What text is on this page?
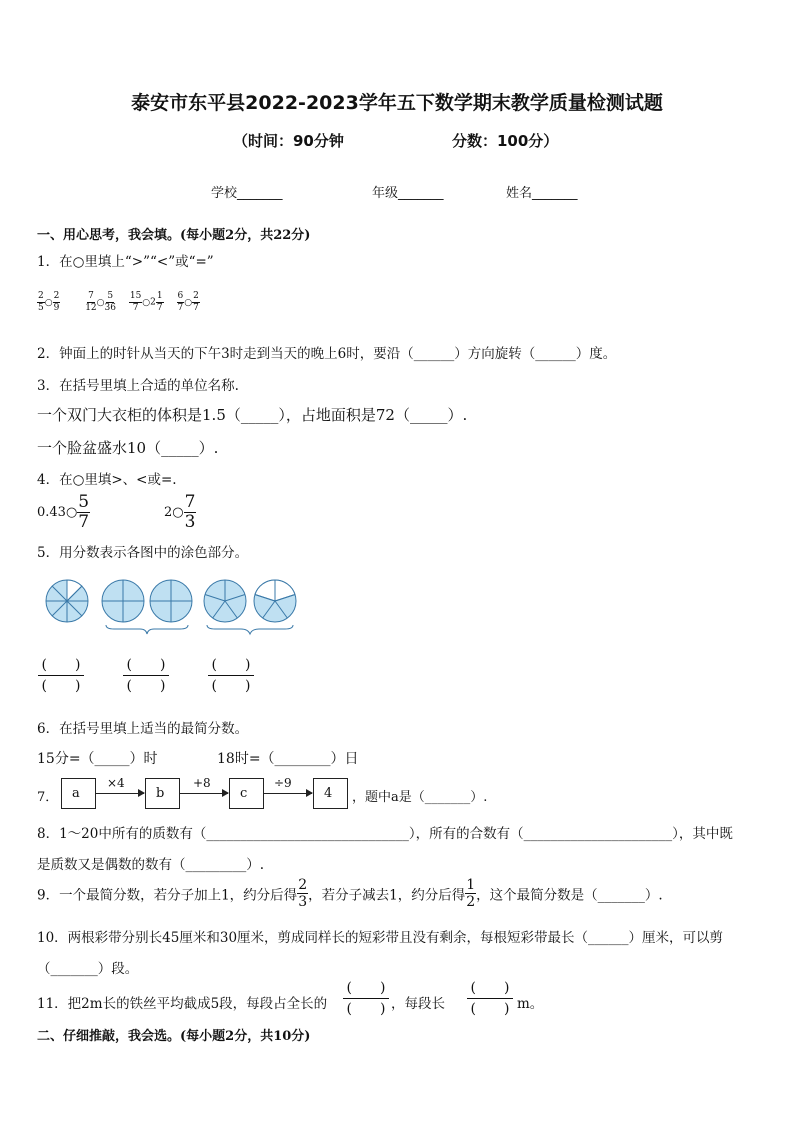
泰安市东平县2022-2023学年五下数学期末教学质量检测试题
（时间：90分钟	分数：100分）
学校_______	年级_______	姓名_______
一、用心思考，我会填。(每小题2分，共22分)
1．在○里填上“>”“<”或“=”
$\frac{2}{5}$ ○ $\frac{2}{9}$
	$\frac{7}{12}$ ○ $\frac{5}{36}$
$\frac{15}{7}$ ○2 $\frac{1}{7}$
$\frac{6}{7}$ ○ $\frac{2}{7}$
2．钟面上的时针从当天的下午3时走到当天的晚上6时，要沿（______）方向旋转（______）度。
3．在括号里填上合适的单位名称.
一个双门大衣柜的体积是1.5（_____），占地面积是72（_____）.
一个脸盆盛水10（_____）.
4．在○里填>、<或=.
0.43○ $\frac{5}{7}$	2○ $\frac{7}{3}$
5．用分数表示各图中的涂色部分。
(　　)
(　　)
(　　)
(　　)
(　　)
(　　)
6．在括号里填上适当的最简分数。
15分=（_____）时	18时=（________）日
7．	a
×4
b
+8
c
÷9
4	，题中a是（_______）.
8．1～20中所有的质数有（______________________________），所有的合数有（______________________），其中既
是质数又是偶数的数有（_________）.
9．一个最简分数，若分子加上1，约分后得 $\frac{2}{3}$ ，若分子减去1，约分后得 $\frac{1}{2}$ ，这个最简分数是（_______）.
10．两根彩带分别长45厘米和30厘米，剪成同样长的短彩带且没有剩余，每根短彩带最长（______）厘米，可以剪
（_______）段。
11．把2m长的铁丝平均截成5段，每段占全长的
(　　)
(　　) ，每段长
(　　)
(　　) m。
二、仔细推敲，我会选。(每小题2分，共10分)
